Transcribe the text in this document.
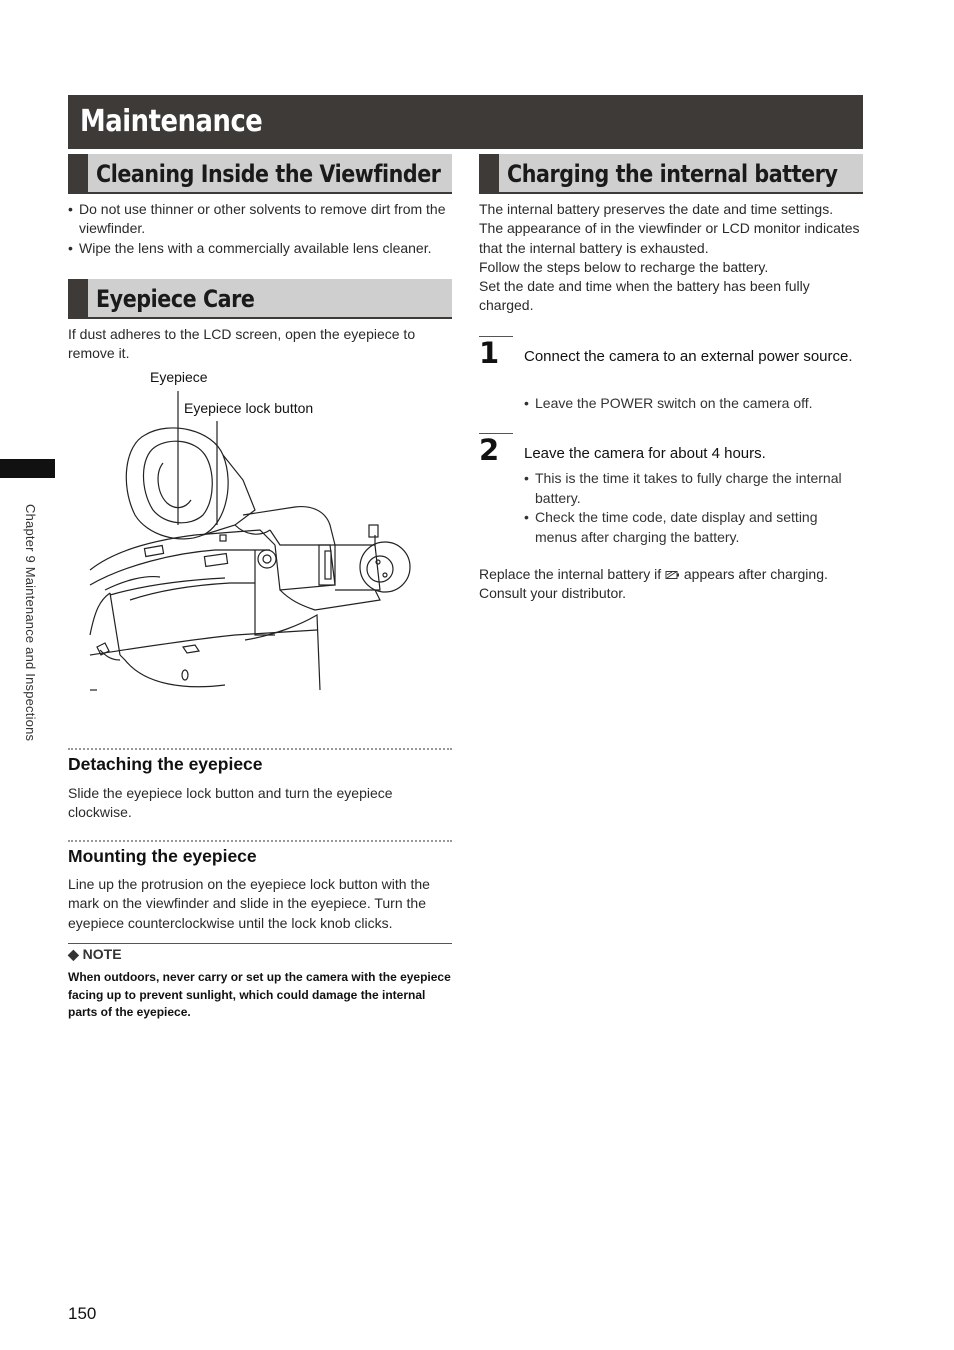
Maintenance
Cleaning Inside the Viewfinder
• Do not use thinner or other solvents to remove dirt from the viewfinder.
• Wipe the lens with a commercially available lens cleaner.
Eyepiece Care

If dust adheres to the LCD screen, open the eyepiece to remove it.

Eyepiece
Eyepiece lock button
Detaching the eyepiece

Slide the eyepiece lock button and turn the eyepiece clockwise.

Mounting the eyepiece

Line up the protrusion on the eyepiece lock button with the mark on the viewfinder and slide in the eyepiece. Turn the eyepiece counterclockwise until the lock knob clicks.

◆ NOTE

When outdoors, never carry or set up the camera with the eyepiece facing up to prevent sunlight, which could damage the internal parts of the eyepiece.

Charging the internal battery

The internal battery preserves the date and time settings.

The appearance of in the viewfinder or LCD monitor indicates that the internal battery is exhausted.

Follow the steps below to recharge the battery.

Set the date and time when the battery has been fully charged.

1 Connect the camera to an external power source.

• Leave the POWER switch on the camera off.
2 Leave the camera for about 4 hours.

• This is the time it takes to fully charge the internal battery.
• Check the time code, date display and setting menus after charging the battery.

Replace the internal battery if  appears after charging.

Consult your distributor.

Chapter 9 Maintenance and Inspections
150
